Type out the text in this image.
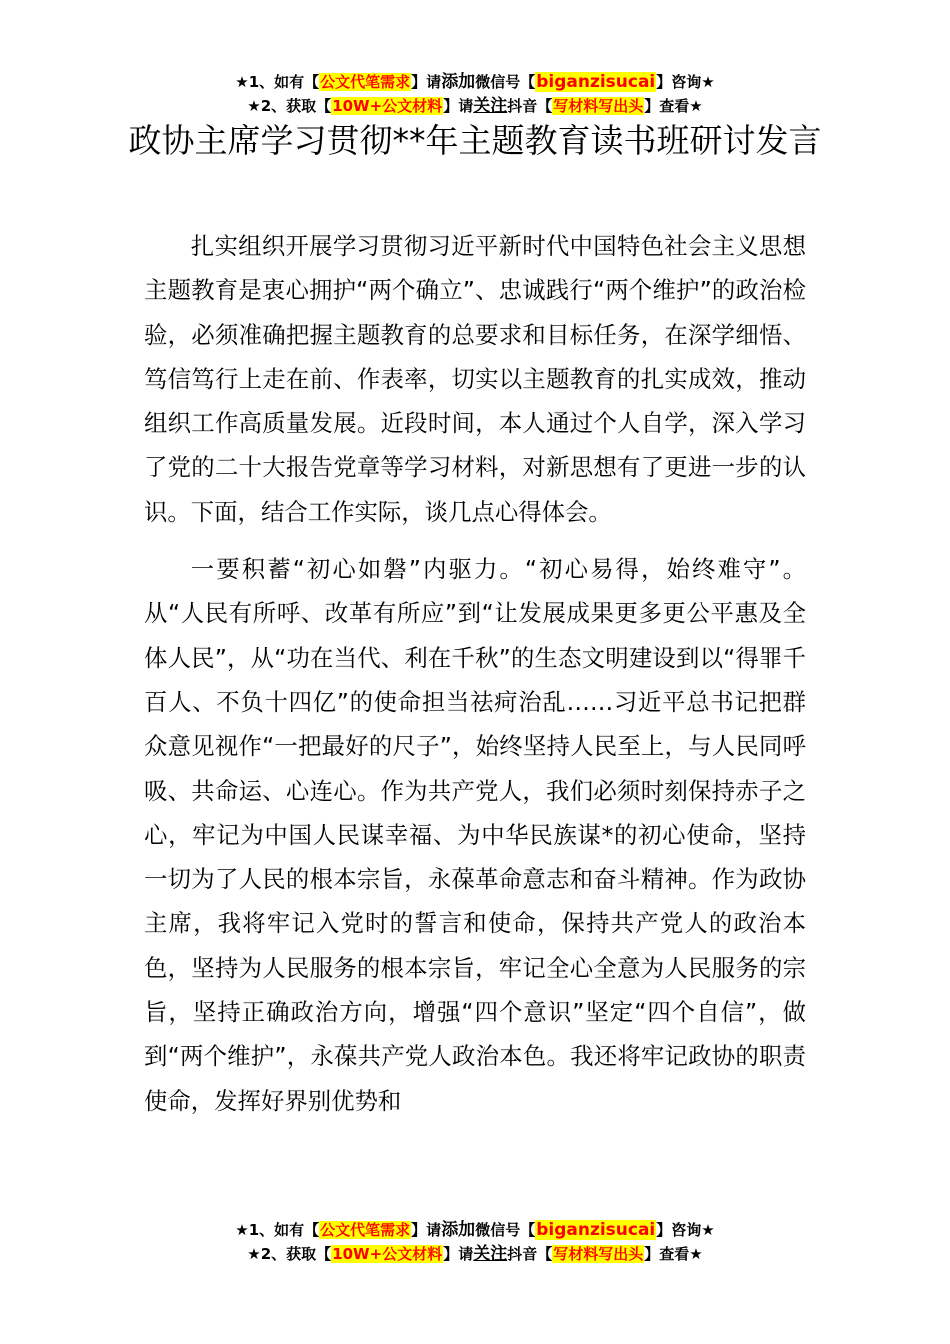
★1、如有【公文代笔需求】请添加微信号【biganzisucai】咨询★
★2、获取【10W+公文材料】请关注抖音【写材料写出头】查看★
政协主席学习贯彻**年主题教育读书班研讨发言

扎实组织开展学习贯彻习近平新时代中国特色社会主义思想主题教育是衷心拥护“两个确立”、忠诚践行“两个维护”的政治检验，必须准确把握主题教育的总要求和目标任务，在深学细悟、笃信笃行上走在前、作表率，切实以主题教育的扎实成效，推动组织工作高质量发展。近段时间，本人通过个人自学，深入学习了党的二十大报告党章等学习材料，对新思想有了更进一步的认识。下面，结合工作实际，谈几点心得体会。

一要积蓄“初心如磐”内驱力。“初心易得，始终难守”。从“人民有所呼、改革有所应”到“让发展成果更多更公平惠及全体人民”，从“功在当代、利在千秋”的生态文明建设到以“得罪千百人、不负十四亿”的使命担当祛疴治乱……习近平总书记把群众意见视作“一把最好的尺子”，始终坚持人民至上，与人民同呼吸、共命运、心连心。作为共产党人，我们必须时刻保持赤子之心，牢记为中国人民谋幸福、为中华民族谋*的初心使命，坚持一切为了人民的根本宗旨，永葆革命意志和奋斗精神。作为政协主席，我将牢记入党时的誓言和使命，保持共产党人的政治本色，坚持为人民服务的根本宗旨，牢记全心全意为人民服务的宗旨，坚持正确政治方向，增强“四个意识”坚定“四个自信”，做到“两个维护”，永葆共产党人政治本色。我还将牢记政协的职责使命，发挥好界别优势和

★1、如有【公文代笔需求】请添加微信号【biganzisucai】咨询★
★2、获取【10W+公文材料】请关注抖音【写材料写出头】查看★
